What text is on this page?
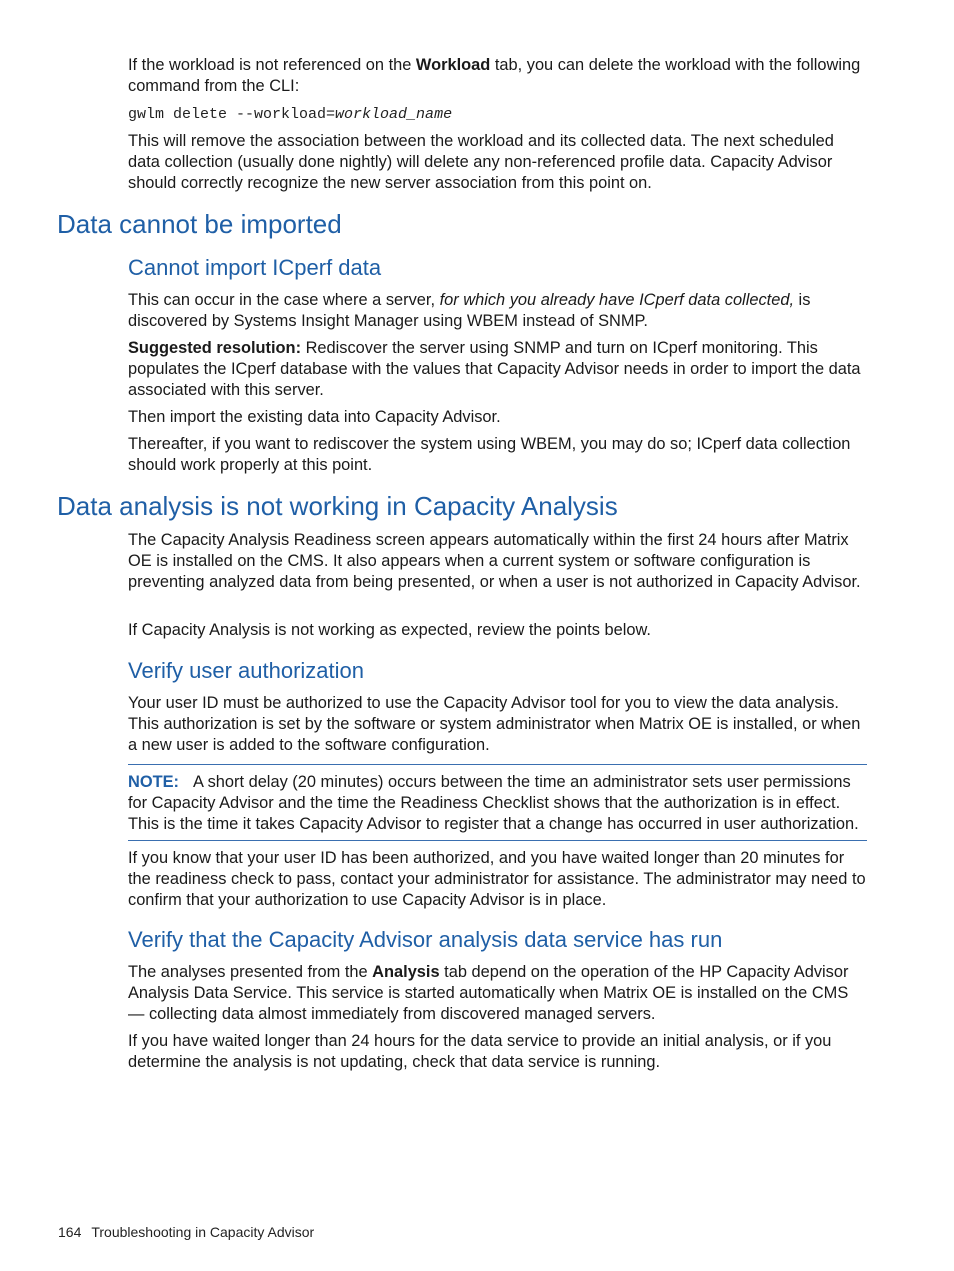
If the workload is not referenced on the Workload tab, you can delete the workload with the following command from the CLI:

gwlm delete --workload=workload_name

This will remove the association between the workload and its collected data. The next scheduled data collection (usually done nightly) will delete any non-referenced profile data. Capacity Advisor should correctly recognize the new server association from this point on.

Data cannot be imported
Cannot import ICperf data

This can occur in the case where a server, for which you already have ICperf data collected, is discovered by Systems Insight Manager using WBEM instead of SNMP.

Suggested resolution: Rediscover the server using SNMP and turn on ICperf monitoring. This populates the ICperf database with the values that Capacity Advisor needs in order to import the data associated with this server.

Then import the existing data into Capacity Advisor.

Thereafter, if you want to rediscover the system using WBEM, you may do so; ICperf data collection should work properly at this point.

Data analysis is not working in Capacity Analysis

The Capacity Analysis Readiness screen appears automatically within the first 24 hours after Matrix OE is installed on the CMS. It also appears when a current system or software configuration is preventing analyzed data from being presented, or when a user is not authorized in Capacity Advisor.

If Capacity Analysis is not working as expected, review the points below.

Verify user authorization

Your user ID must be authorized to use the Capacity Advisor tool for you to view the data analysis. This authorization is set by the software or system administrator when Matrix OE is installed, or when a new user is added to the software configuration.

NOTE: A short delay (20 minutes) occurs between the time an administrator sets user permissions for Capacity Advisor and the time the Readiness Checklist shows that the authorization is in effect. This is the time it takes Capacity Advisor to register that a change has occurred in user authorization.

If you know that your user ID has been authorized, and you have waited longer than 20 minutes for the readiness check to pass, contact your administrator for assistance. The administrator may need to confirm that your authorization to use Capacity Advisor is in place.

Verify that the Capacity Advisor analysis data service has run

The analyses presented from the Analysis tab depend on the operation of the HP Capacity Advisor Analysis Data Service. This service is started automatically when Matrix OE is installed on the CMS — collecting data almost immediately from discovered managed servers.

If you have waited longer than 24 hours for the data service to provide an initial analysis, or if you determine the analysis is not updating, check that data service is running.

164 Troubleshooting in Capacity Advisor
